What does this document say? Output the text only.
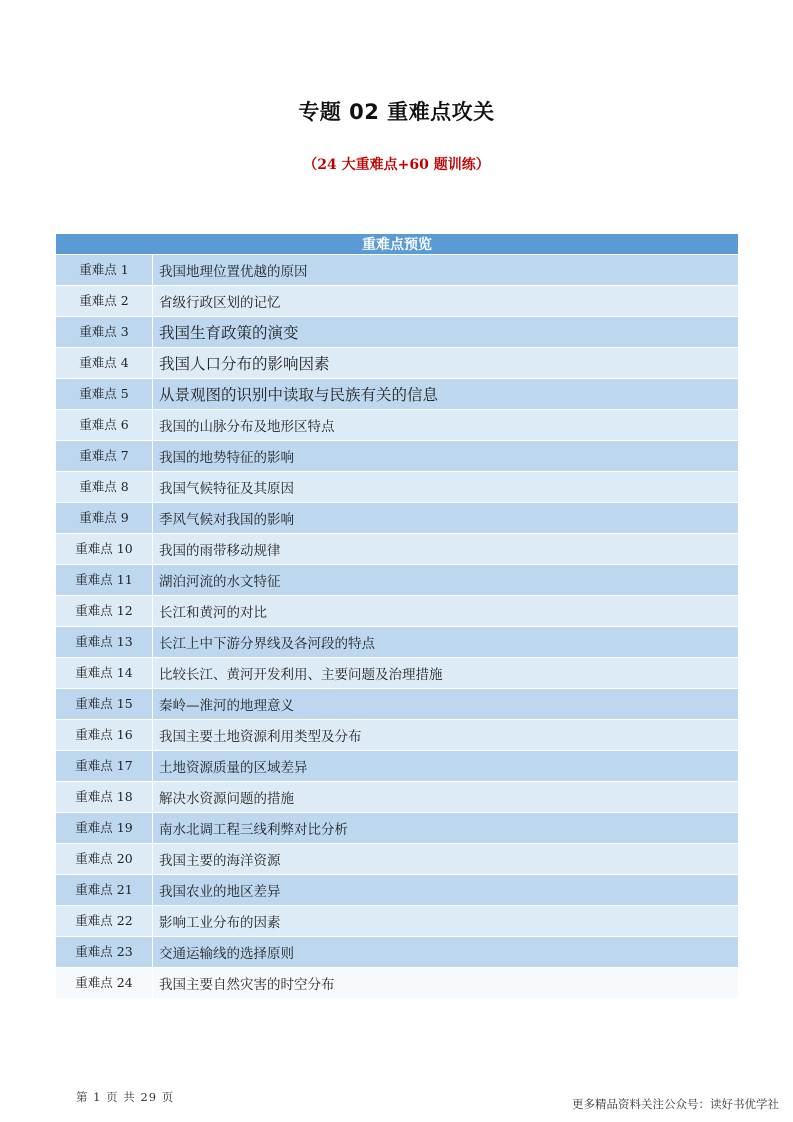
专题 02 重难点攻关
（24 大重难点+60 题训练）
重难点预览
重难点 1	我国地理位置优越的原因
重难点 2	省级行政区划的记忆
重难点 3	我国生育政策的演变
重难点 4	我国人口分布的影响因素
重难点 5	从景观图的识别中读取与民族有关的信息
重难点 6	我国的山脉分布及地形区特点
重难点 7	我国的地势特征的影响
重难点 8	我国气候特征及其原因
重难点 9	季风气候对我国的影响
重难点 10	我国的雨带移动规律
重难点 11	湖泊河流的水文特征
重难点 12	长江和黄河的对比
重难点 13	长江上中下游分界线及各河段的特点
重难点 14	比较长江、黄河开发利用、主要问题及治理措施
重难点 15	秦岭—淮河的地理意义
重难点 16	我国主要土地资源利用类型及分布
重难点 17	土地资源质量的区域差异
重难点 18	解决水资源问题的措施
重难点 19	南水北调工程三线利弊对比分析
重难点 20	我国主要的海洋资源
重难点 21	我国农业的地区差异
重难点 22	影响工业分布的因素
重难点 23	交通运输线的选择原则
重难点 24	我国主要自然灾害的时空分布
第 1 页 共 29 页	更多精品资料关注公众号：读好书优学社
